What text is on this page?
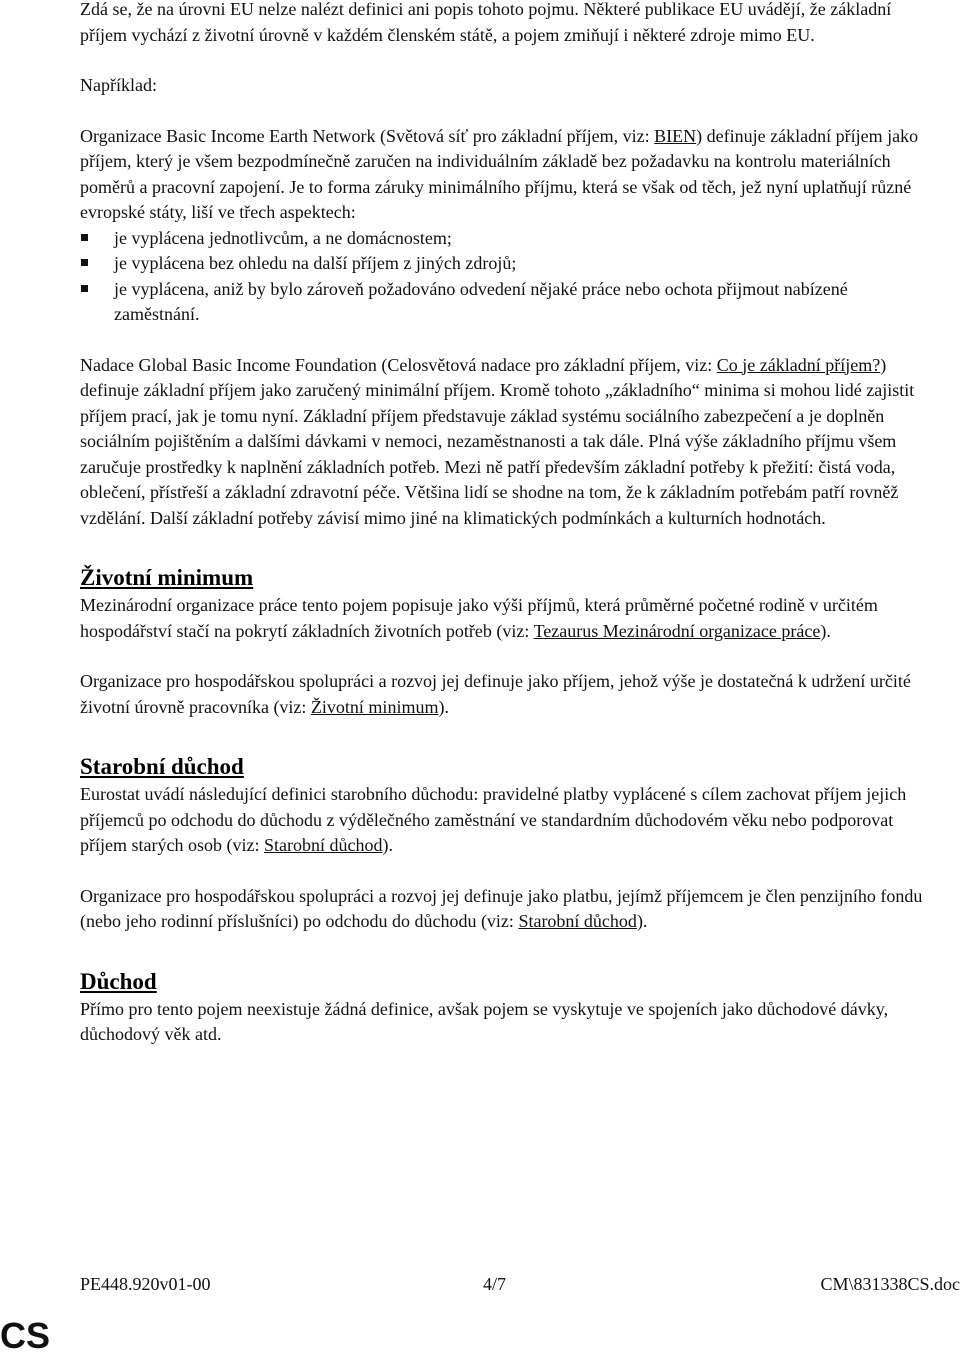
Zdá se, že na úrovni EU nelze nalézt definici ani popis tohoto pojmu. Některé publikace EU uvádějí, že základní příjem vychází z životní úrovně v každém členském státě, a pojem zmiňují i některé zdroje mimo EU.

Například:

Organizace Basic Income Earth Network (Světová síť pro základní příjem, viz: BIEN) definuje základní příjem jako příjem, který je všem bezpodmínečně zaručen na individuálním základě bez požadavku na kontrolu materiálních poměrů a pracovní zapojení. Je to forma záruky minimálního příjmu, která se však od těch, jež nyní uplatňují různé evropské státy, liší ve třech aspektech:

je vyplácena jednotlivcům, a ne domácnostem;
je vyplácena bez ohledu na další příjem z jiných zdrojů;
je vyplácena, aniž by bylo zároveň požadováno odvedení nějaké práce nebo ochota přijmout nabízené zaměstnání.

Nadace Global Basic Income Foundation (Celosvětová nadace pro základní příjem, viz: Co je základní příjem?) definuje základní příjem jako zaručený minimální příjem. Kromě tohoto „základního“ minima si mohou lidé zajistit příjem prací, jak je tomu nyní. Základní příjem představuje základ systému sociálního zabezpečení a je doplněn sociálním pojištěním a dalšími dávkami v nemoci, nezaměstnanosti a tak dále. Plná výše základního příjmu všem zaručuje prostředky k naplnění základních potřeb. Mezi ně patří především základní potřeby k přežití: čistá voda, oblečení, přístřeší a základní zdravotní péče. Většina lidí se shodne na tom, že k základním potřebám patří rovněž vzdělání. Další základní potřeby závisí mimo jiné na klimatických podmínkách a kulturních hodnotách.

Životní minimum

Mezinárodní organizace práce tento pojem popisuje jako výši příjmů, která průměrné početné rodině v určitém hospodářství stačí na pokrytí základních životních potřeb (viz: Tezaurus Mezinárodní organizace práce).

Organizace pro hospodářskou spolupráci a rozvoj jej definuje jako příjem, jehož výše je dostatečná k udržení určité životní úrovně pracovníka (viz: Životní minimum).

Starobní důchod

Eurostat uvádí následující definici starobního důchodu: pravidelné platby vyplácené s cílem zachovat příjem jejich příjemců po odchodu do důchodu z výdělečného zaměstnání ve standardním důchodovém věku nebo podporovat příjem starých osob (viz: Starobní důchod).

Organizace pro hospodářskou spolupráci a rozvoj jej definuje jako platbu, jejímž příjemcem je člen penzijního fondu (nebo jeho rodinní příslušníci) po odchodu do důchodu (viz: Starobní důchod).

Důchod

Přímo pro tento pojem neexistuje žádná definice, avšak pojem se vyskytuje ve spojeních jako důchodové dávky, důchodový věk atd.

PE448.920v01-00	4/7	CM\831338CS.doc
CS
